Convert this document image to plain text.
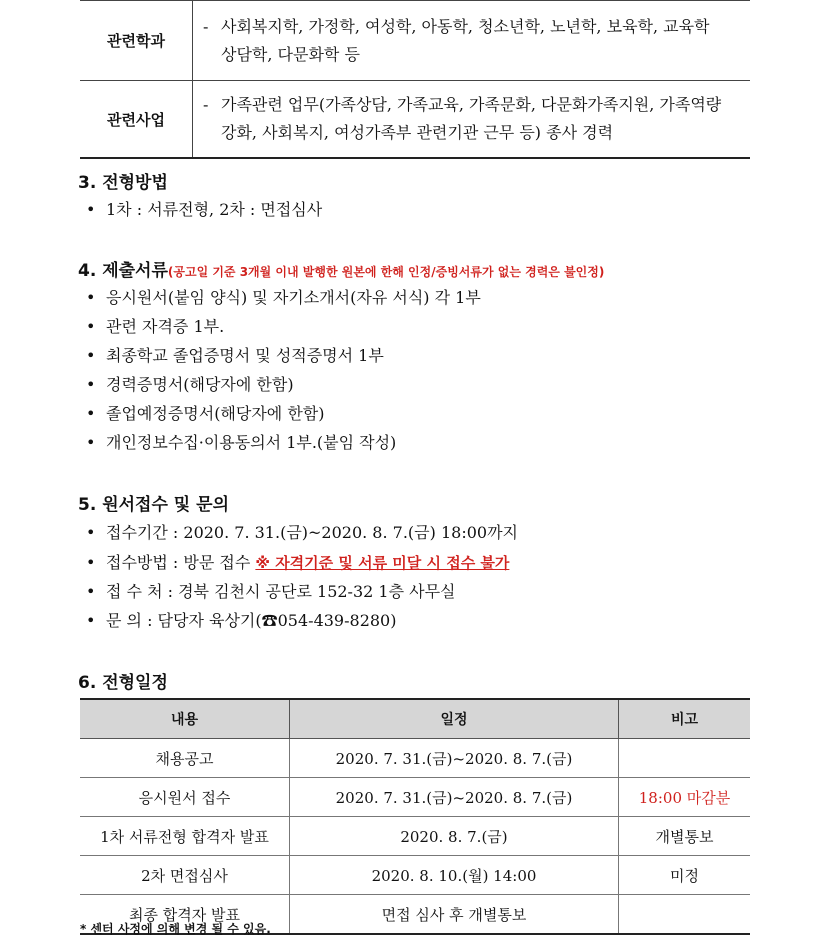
관련학과	- 사회복지학, 가정학, 여성학, 아동학, 청소년학, 노년학, 보육학, 교육학
상담학, 다문화학 등

관련사업	- 가족관련 업무(가족상담, 가족교육, 가족문화, 다문화가족지원, 가족역량
강화, 사회복지, 여성가족부 관련기관 근무 등) 종사 경력
3. 전형방법
• 1차 : 서류전형, 2차 : 면접심사
4. 제출서류(공고일 기준 3개월 이내 발행한 원본에 한해 인정/증빙서류가 없는 경력은 불인정)
• 응시원서(붙임 양식) 및 자기소개서(자유 서식) 각 1부
• 관련 자격증 1부.
• 최종학교 졸업증명서 및 성적증명서 1부
• 경력증명서(해당자에 한함)
• 졸업예정증명서(해당자에 한함)
• 개인정보수집·이용동의서 1부.(붙임 작성)
5. 원서접수 및 문의
• 접수기간 : 2020. 7. 31.(금)~2020. 8. 7.(금) 18:00까지
• 접수방법 : 방문 접수 ※ 자격기준 및 서류 미달 시 접수 불가
• 접 수 처 : 경북 김천시 공단로 152-32 1층 사무실
• 문 의 : 담당자 육상기(☎054-439-8280)
6. 전형일정
내용	일정	비고
채용공고	2020. 7. 31.(금)~2020. 8. 7.(금)	
응시원서 접수	2020. 7. 31.(금)~2020. 8. 7.(금)	18:00 마감분
1차 서류전형 합격자 발표	2020. 8. 7.(금)	개별통보
2차 면접심사	2020. 8. 10.(월) 14:00	미정
최종 합격자 발표	면접 심사 후 개별통보	
* 센터 사정에 의해 변경 될 수 있음.
